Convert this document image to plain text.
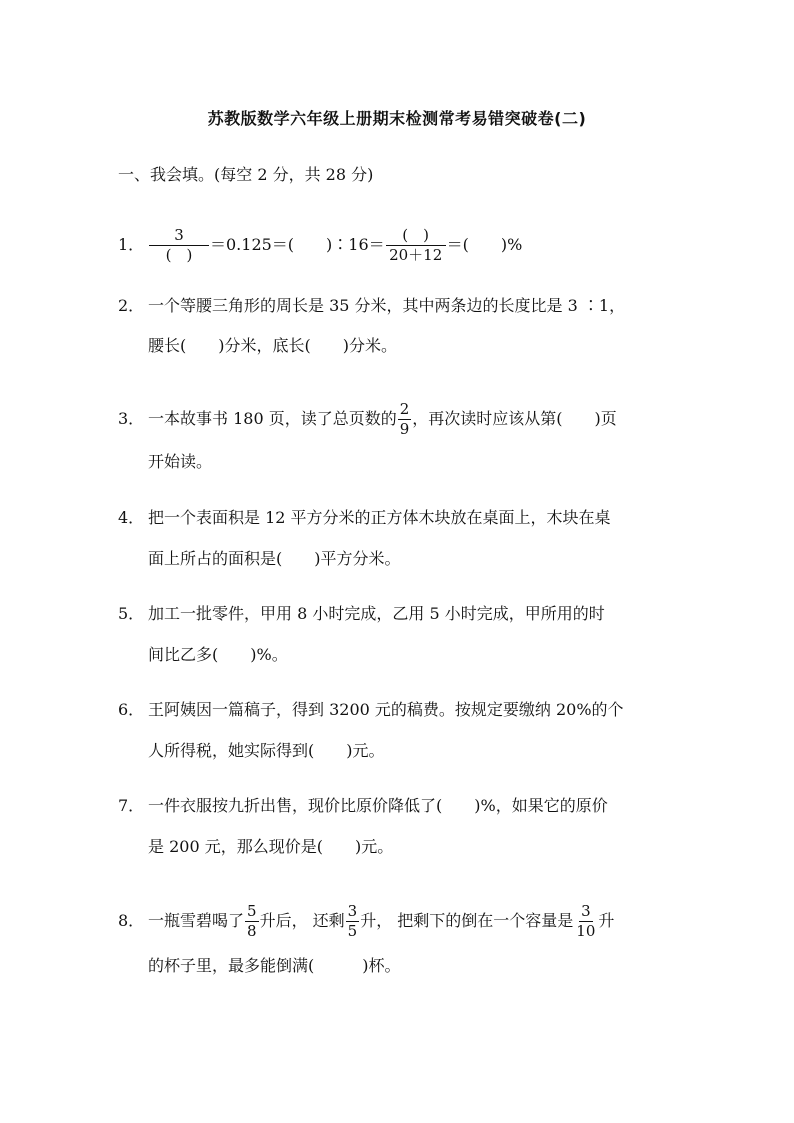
苏教版数学六年级上册期末检测常考易错突破卷(二)
一、我会填。(每空 2 分，共 28 分)
1． $\frac{3}{( )} =0.125=$(　　)∶16＝ $\frac{( )}{20+12}$ ＝(　　)%
2． 一个等腰三角形的周长是 35 分米，其中两条边的长度比是 3 ∶1，
腰长(　　)分米，底长(　　)分米。
3． 一本故事书 180 页，读了总页数的 $\frac{2}{9}$ ，再次读时应该从第(　　)页
开始读。
4． 把一个表面积是 12 平方分米的正方体木块放在桌面上，木块在桌
面上所占的面积是(　　)平方分米。
5． 加工一批零件，甲用 8 小时完成，乙用 5 小时完成，甲所用的时
间比乙多(　　)%。
6． 王阿姨因一篇稿子，得到 3200 元的稿费。按规定要缴纳 20%的个
人所得税，她实际得到(　　)元。
7． 一件衣服按九折出售，现价比原价降低了(　　)%，如果它的原价
是 200 元，那么现价是(　　)元。
8． 一瓶雪碧喝了 $\frac{5}{8}$ 升后， 还剩 $\frac{3}{5}$ 升， 把剩下的倒在一个容量是 $\frac{3}{10}$ 升
的杯子里，最多能倒满(　　　)杯。
